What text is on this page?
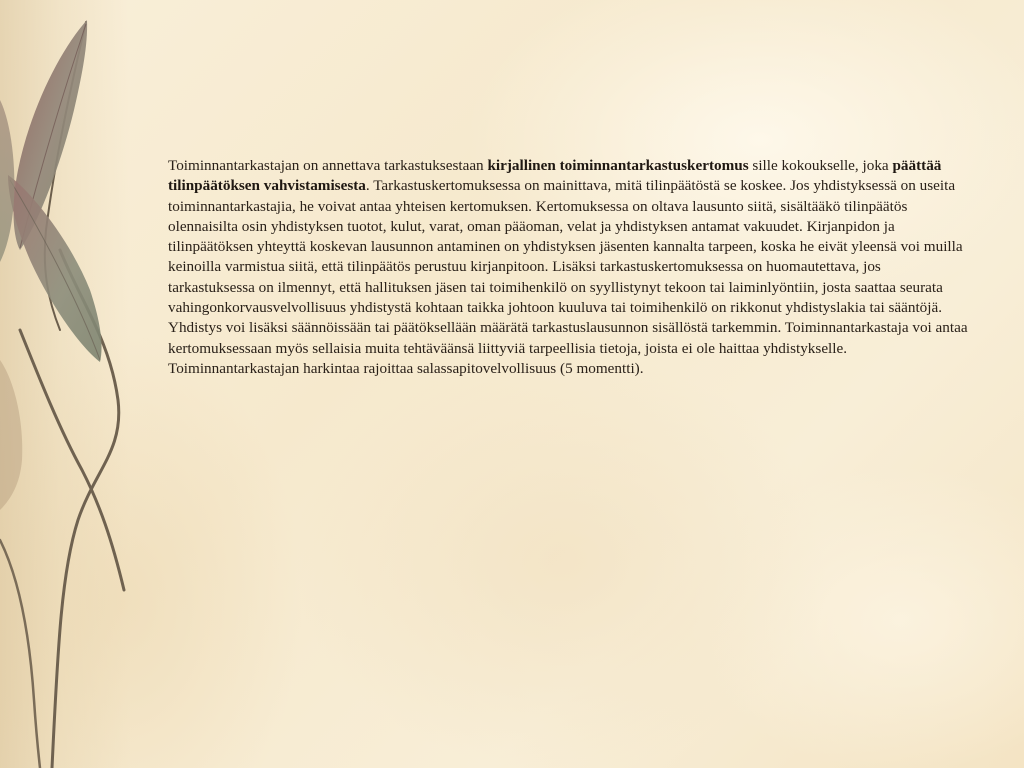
Toiminnantarkastajan on annettava tarkastuksestaan kirjallinen toiminnantarkastuskertomus sille kokoukselle, joka päättää tilinpäätöksen vahvistamisesta. Tarkastuskertomuksessa on mainittava, mitä tilinpäätöstä se koskee. Jos yhdistyksessä on useita toiminnantarkastajia, he voivat antaa yhteisen kertomuksen. Kertomuksessa on oltava lausunto siitä, sisältääkö tilinpäätös olennaisilta osin yhdistyksen tuotot, kulut, varat, oman pääoman, velat ja yhdistyksen antamat vakuudet. Kirjanpidon ja tilinpäätöksen yhteyttä koskevan lausunnon antaminen on yhdistyksen jäsenten kannalta tarpeen, koska he eivät yleensä voi muilla keinoilla varmistua siitä, että tilinpäätös perustuu kirjanpitoon. Lisäksi tarkastuskertomuksessa on huomautettava, jos tarkastuksessa on ilmennyt, että hallituksen jäsen tai toimihenkilö on syyllistynyt tekoon tai laiminlyöntiin, josta saattaa seurata vahingonkorvausvelvollisuus yhdistystä kohtaan taikka johtoon kuuluva tai toimihenkilö on rikkonut yhdistyslakia tai sääntöjä. Yhdistys voi lisäksi säännöissään tai päätöksellään määrätä tarkastuslausunnon sisällöstä tarkemmin. Toiminnantarkastaja voi antaa kertomuksessaan myös sellaisia muita tehtäväänsä liittyviä tarpeellisia tietoja, joista ei ole haittaa yhdistykselle. Toiminnantarkastajan harkintaa rajoittaa salassapitovelvollisuus (5 momentti).
